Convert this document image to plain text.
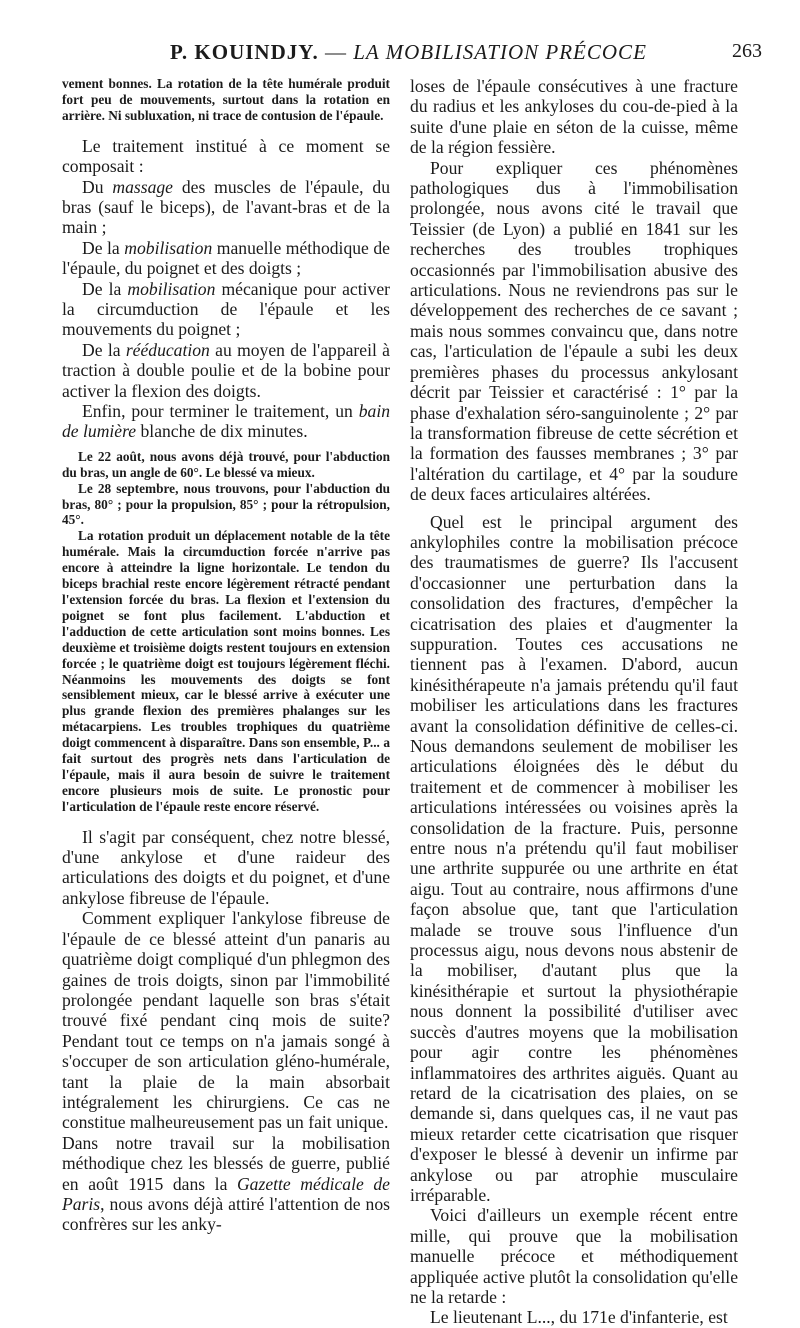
P. KOUINDJY. — LA MOBILISATION PRÉCOCE	263

vement bonnes. La rotation de la tête humérale produit fort peu de mouvements, surtout dans la rotation en arrière. Ni subluxation, ni trace de contusion de l'épaule.

Le traitement institué à ce moment se composait :

Du massage des muscles de l'épaule, du bras (sauf le biceps), de l'avant-bras et de la main ;

De la mobilisation manuelle méthodique de l'épaule, du poignet et des doigts ;

De la mobilisation mécanique pour activer la circumduction de l'épaule et les mouvements du poignet ;

De la rééducation au moyen de l'appareil à traction à double poulie et de la bobine pour activer la flexion des doigts.

Enfin, pour terminer le traitement, un bain de lumière blanche de dix minutes.

Le 22 août, nous avons déjà trouvé, pour l'abduction du bras, un angle de 60°. Le blessé va mieux.

Le 28 septembre, nous trouvons, pour l'abduction du bras, 80° ; pour la propulsion, 85° ; pour la rétropulsion, 45°.

La rotation produit un déplacement notable de la tête humérale. Mais la circumduction forcée n'arrive pas encore à atteindre la ligne horizontale. Le tendon du biceps brachial reste encore légèrement rétracté pendant l'extension forcée du bras. La flexion et l'extension du poignet se font plus facilement. L'abduction et l'adduction de cette articulation sont moins bonnes. Les deuxième et troisième doigts restent toujours en extension forcée ; le quatrième doigt est toujours légèrement fléchi. Néanmoins les mouvements des doigts se font sensiblement mieux, car le blessé arrive à exécuter une plus grande flexion des premières phalanges sur les métacarpiens. Les troubles trophiques du quatrième doigt commencent à disparaître. Dans son ensemble, P... a fait surtout des progrès nets dans l'articulation de l'épaule, mais il aura besoin de suivre le traitement encore plusieurs mois de suite. Le pronostic pour l'articulation de l'épaule reste encore réservé.

Il s'agit par conséquent, chez notre blessé, d'une ankylose et d'une raideur des articulations des doigts et du poignet, et d'une ankylose fibreuse de l'épaule.

Comment expliquer l'ankylose fibreuse de l'épaule de ce blessé atteint d'un panaris au quatrième doigt compliqué d'un phlegmon des gaines de trois doigts, sinon par l'immobilité prolongée pendant laquelle son bras s'était trouvé fixé pendant cinq mois de suite? Pendant tout ce temps on n'a jamais songé à s'occuper de son articulation gléno-humérale, tant la plaie de la main absorbait intégralement les chirurgiens. Ce cas ne constitue malheureusement pas un fait unique.

Dans notre travail sur la mobilisation méthodique chez les blessés de guerre, publié en août 1915 dans la Gazette médicale de Paris, nous avons déjà attiré l'attention de nos confrères sur les anky-

loses de l'épaule consécutives à une fracture du radius et les ankyloses du cou-de-pied à la suite d'une plaie en séton de la cuisse, même de la région fessière.

Pour expliquer ces phénomènes pathologiques dus à l'immobilisation prolongée, nous avons cité le travail que Teissier (de Lyon) a publié en 1841 sur les recherches des troubles trophiques occasionnés par l'immobilisation abusive des articulations. Nous ne reviendrons pas sur le développement des recherches de ce savant ; mais nous sommes convaincu que, dans notre cas, l'articulation de l'épaule a subi les deux premières phases du processus ankylosant décrit par Teissier et caractérisé : 1° par la phase d'exhalation séro-sanguinolente ; 2° par la transformation fibreuse de cette sécrétion et la formation des fausses membranes ; 3° par l'altération du cartilage, et 4° par la soudure de deux faces articulaires altérées.

Quel est le principal argument des ankylophiles contre la mobilisation précoce des traumatismes de guerre? Ils l'accusent d'occasionner une perturbation dans la consolidation des fractures, d'empêcher la cicatrisation des plaies et d'augmenter la suppuration. Toutes ces accusations ne tiennent pas à l'examen. D'abord, aucun kinésithérapeute n'a jamais prétendu qu'il faut mobiliser les articulations dans les fractures avant la consolidation définitive de celles-ci. Nous demandons seulement de mobiliser les articulations éloignées dès le début du traitement et de commencer à mobiliser les articulations intéressées ou voisines après la consolidation de la fracture. Puis, personne entre nous n'a prétendu qu'il faut mobiliser une arthrite suppurée ou une arthrite en état aigu. Tout au contraire, nous affirmons d'une façon absolue que, tant que l'articulation malade se trouve sous l'influence d'un processus aigu, nous devons nous abstenir de la mobiliser, d'autant plus que la kinésithérapie et surtout la physiothérapie nous donnent la possibilité d'utiliser avec succès d'autres moyens que la mobilisation pour agir contre les phénomènes inflammatoires des arthrites aiguës. Quant au retard de la cicatrisation des plaies, on se demande si, dans quelques cas, il ne vaut pas mieux retarder cette cicatrisation que risquer d'exposer le blessé à devenir un infirme par ankylose ou par atrophie musculaire irréparable.

Voici d'ailleurs un exemple récent entre mille, qui prouve que la mobilisation manuelle précoce et méthodiquement appliquée active plutôt la consolidation qu'elle ne la retarde :

Le lieutenant L..., du 171e d'infanterie, est
